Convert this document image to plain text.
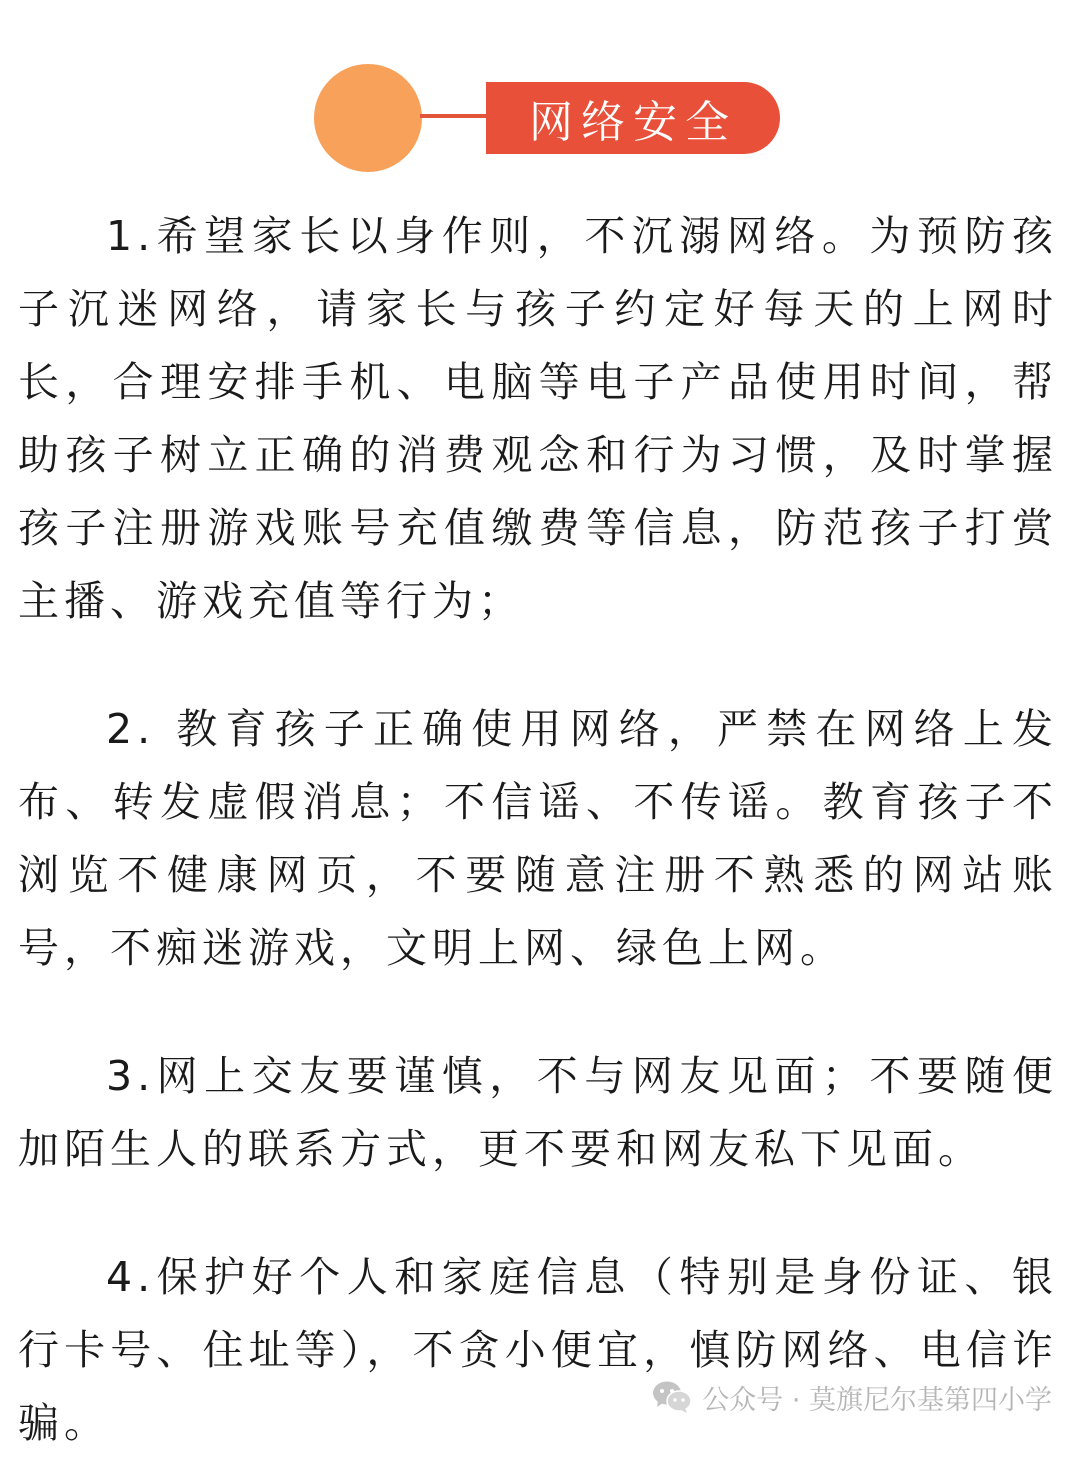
网络安全

1.希望家长以身作则，不沉溺网络。为预防孩子沉迷网络，请家长与孩子约定好每天的上网时长，合理安排手机、电脑等电子产品使用时间，帮助孩子树立正确的消费观念和行为习惯，及时掌握孩子注册游戏账号充值缴费等信息，防范孩子打赏主播、游戏充值等行为；

2. 教育孩子正确使用网络，严禁在网络上发布、转发虚假消息；不信谣、不传谣。教育孩子不浏览不健康网页，不要随意注册不熟悉的网站账号，不痴迷游戏，文明上网、绿色上网。

3.网上交友要谨慎，不与网友见面；不要随便加陌生人的联系方式，更不要和网友私下见面。

4.保护好个人和家庭信息（特别是身份证、银行卡号、住址等），不贪小便宜，慎防网络、电信诈骗。	公众号 · 莫旗尼尔基第四小学
